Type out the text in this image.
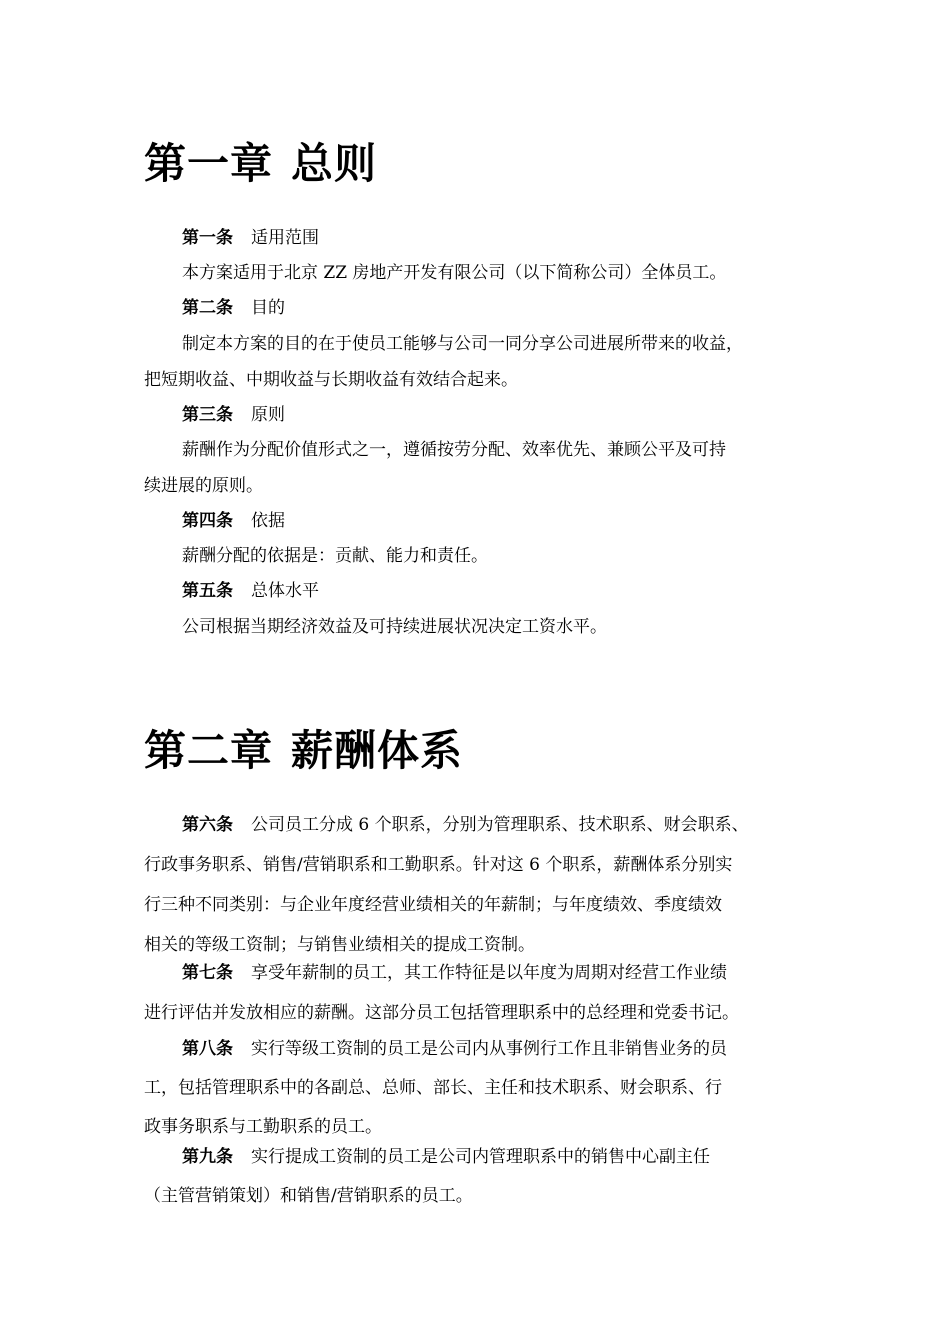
第一章 总则
第一条 适用范围
本方案适用于北京 ZZ 房地产开发有限公司（以下简称公司）全体员工。
第二条 目的
制定本方案的目的在于使员工能够与公司一同分享公司进展所带来的收益，
把短期收益、中期收益与长期收益有效结合起来。
第三条 原则
薪酬作为分配价值形式之一，遵循按劳分配、效率优先、兼顾公平及可持
续进展的原则。
第四条 依据
薪酬分配的依据是：贡献、能力和责任。
第五条 总体水平
公司根据当期经济效益及可持续进展状况决定工资水平。
第二章 薪酬体系
第六条 公司员工分成 6 个职系，分别为管理职系、技术职系、财会职系、
行政事务职系、销售/营销职系和工勤职系。针对这 6 个职系，薪酬体系分别实
行三种不同类别：与企业年度经营业绩相关的年薪制；与年度绩效、季度绩效
相关的等级工资制；与销售业绩相关的提成工资制。
第七条 享受年薪制的员工，其工作特征是以年度为周期对经营工作业绩
进行评估并发放相应的薪酬。这部分员工包括管理职系中的总经理和党委书记。
第八条 实行等级工资制的员工是公司内从事例行工作且非销售业务的员
工，包括管理职系中的各副总、总师、部长、主任和技术职系、财会职系、行
政事务职系与工勤职系的员工。
第九条 实行提成工资制的员工是公司内管理职系中的销售中心副主任
（主管营销策划）和销售/营销职系的员工。
